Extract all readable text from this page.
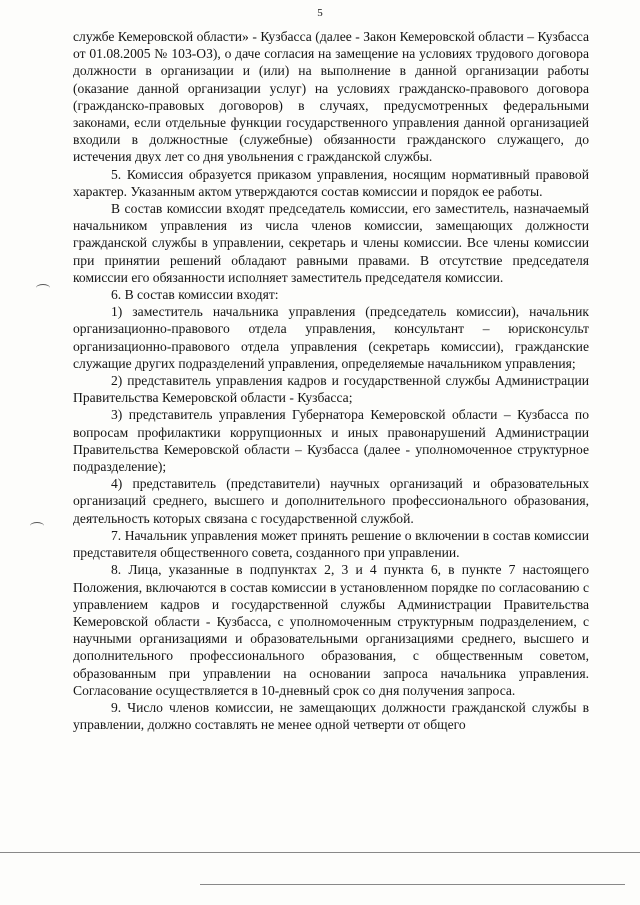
5

службе Кемеровской области» - Кузбасса (далее - Закон Кемеровской области – Кузбасса от 01.08.2005 № 103-ОЗ), о даче согласия на замещение на условиях трудового договора должности в организации и (или) на выполнение в данной организации работы (оказание данной организации услуг) на условиях гражданско-правового договора (гражданско-правовых договоров) в случаях, предусмотренных федеральными законами, если отдельные функции государственного управления данной организацией входили в должностные (служебные) обязанности гражданского служащего, до истечения двух лет со дня увольнения с гражданской службы.

5. Комиссия образуется приказом управления, носящим нормативный правовой характер. Указанным актом утверждаются состав комиссии и порядок ее работы.

В состав комиссии входят председатель комиссии, его заместитель, назначаемый начальником управления из числа членов комиссии, замещающих должности гражданской службы в управлении, секретарь и члены комиссии. Все члены комиссии при принятии решений обладают равными правами. В отсутствие председателя комиссии его обязанности исполняет заместитель председателя комиссии.

6. В состав комиссии входят:

1) заместитель начальника управления (председатель комиссии), начальник организационно-правового отдела управления, консультант – юрисконсульт организационно-правового отдела управления (секретарь комиссии), гражданские служащие других подразделений управления, определяемые начальником управления;

2) представитель управления кадров и государственной службы Администрации Правительства Кемеровской области - Кузбасса;

3) представитель управления Губернатора Кемеровской области – Кузбасса по вопросам профилактики коррупционных и иных правонарушений Администрации Правительства Кемеровской области – Кузбасса (далее - уполномоченное структурное подразделение);

4) представитель (представители) научных организаций и образовательных организаций среднего, высшего и дополнительного профессионального образования, деятельность которых связана с государственной службой.

7. Начальник управления может принять решение о включении в состав комиссии представителя общественного совета, созданного при управлении.

8. Лица, указанные в подпунктах 2, 3 и 4 пункта 6, в пункте 7 настоящего Положения, включаются в состав комиссии в установленном порядке по согласованию с управлением кадров и государственной службы Администрации Правительства Кемеровской области - Кузбасса, с уполномоченным структурным подразделением, с научными организациями и образовательными организациями среднего, высшего и дополнительного профессионального образования, с общественным советом, образованным при управлении на основании запроса начальника управления. Согласование осуществляется в 10-дневный срок со дня получения запроса.

9. Число членов комиссии, не замещающих должности гражданской службы в управлении, должно составлять не менее одной четверти от общего
